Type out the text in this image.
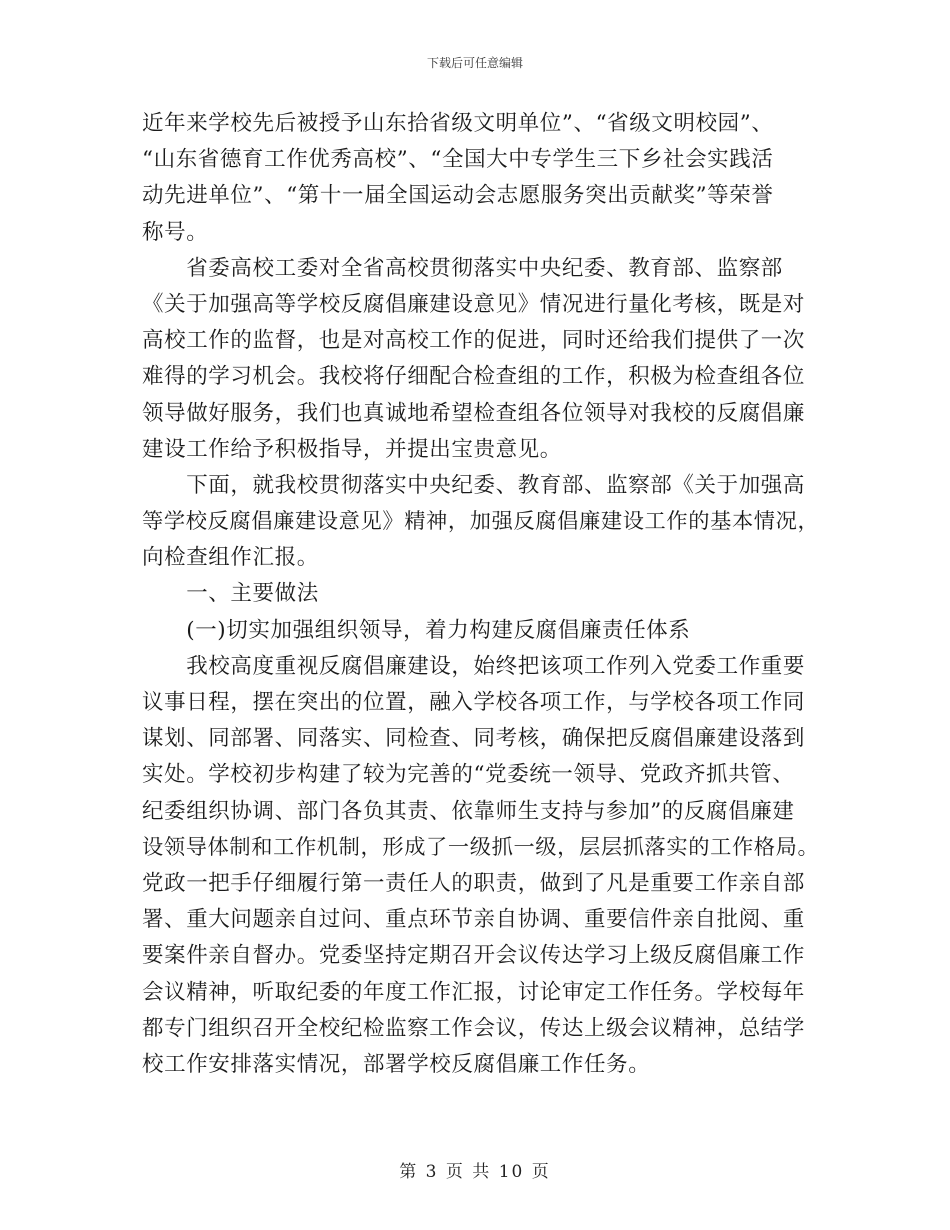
下载后可任意编辑
近年来学校先后被授予山东拾省级文明单位”、“省级文明校园”、
“山东省德育工作优秀高校”、“全国大中专学生三下乡社会实践活
动先进单位”、“第十一届全国运动会志愿服务突出贡献奖”等荣誉
称号。
　　省委高校工委对全省高校贯彻落实中央纪委、教育部、监察部
《关于加强高等学校反腐倡廉建设意见》情况进行量化考核，既是对
高校工作的监督，也是对高校工作的促进，同时还给我们提供了一次
难得的学习机会。我校将仔细配合检查组的工作，积极为检查组各位
领导做好服务，我们也真诚地希望检查组各位领导对我校的反腐倡廉
建设工作给予积极指导，并提出宝贵意见。
　　下面，就我校贯彻落实中央纪委、教育部、监察部《关于加强高
等学校反腐倡廉建设意见》精神，加强反腐倡廉建设工作的基本情况，
向检查组作汇报。
　　一、主要做法
　　(一)切实加强组织领导，着力构建反腐倡廉责任体系
　　我校高度重视反腐倡廉建设，始终把该项工作列入党委工作重要
议事日程，摆在突出的位置，融入学校各项工作，与学校各项工作同
谋划、同部署、同落实、同检查、同考核，确保把反腐倡廉建设落到
实处。学校初步构建了较为完善的“党委统一领导、党政齐抓共管、
纪委组织协调、部门各负其责、依靠师生支持与参加”的反腐倡廉建
设领导体制和工作机制，形成了一级抓一级，层层抓落实的工作格局。
党政一把手仔细履行第一责任人的职责，做到了凡是重要工作亲自部
署、重大问题亲自过问、重点环节亲自协调、重要信件亲自批阅、重
要案件亲自督办。党委坚持定期召开会议传达学习上级反腐倡廉工作
会议精神，听取纪委的年度工作汇报，讨论审定工作任务。学校每年
都专门组织召开全校纪检监察工作会议，传达上级会议精神，总结学
校工作安排落实情况，部署学校反腐倡廉工作任务。
第 3 页 共 10 页
